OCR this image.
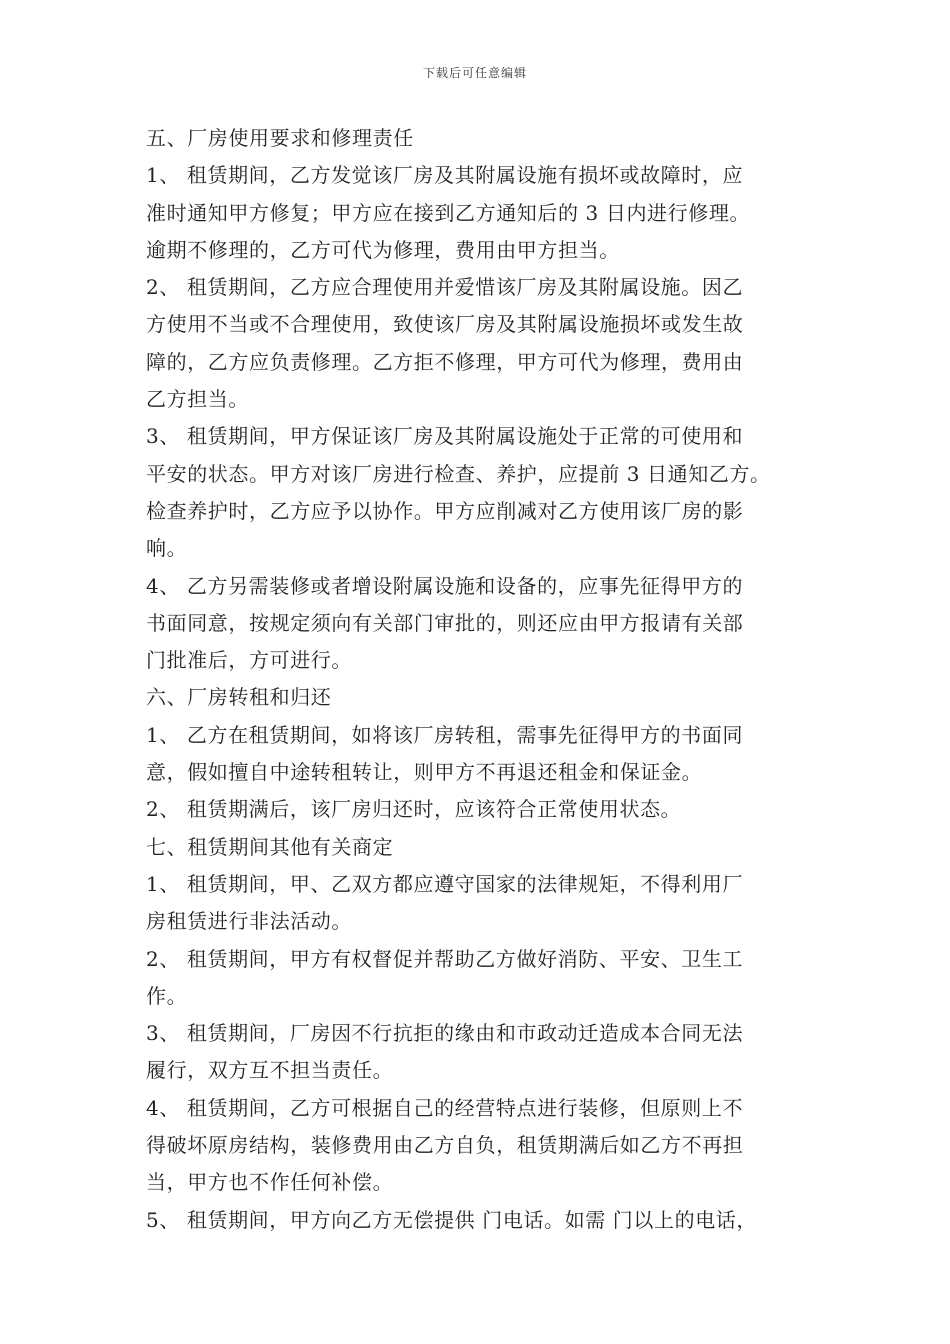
下载后可任意编辑
五、厂房使用要求和修理责任
1、 租赁期间，乙方发觉该厂房及其附属设施有损坏或故障时，应
准时通知甲方修复；甲方应在接到乙方通知后的 3 日内进行修理。
逾期不修理的，乙方可代为修理，费用由甲方担当。
2、 租赁期间，乙方应合理使用并爱惜该厂房及其附属设施。因乙
方使用不当或不合理使用，致使该厂房及其附属设施损坏或发生故
障的，乙方应负责修理。乙方拒不修理，甲方可代为修理，费用由
乙方担当。
3、 租赁期间，甲方保证该厂房及其附属设施处于正常的可使用和
平安的状态。甲方对该厂房进行检查、养护，应提前 3 日通知乙方。
检查养护时，乙方应予以协作。甲方应削减对乙方使用该厂房的影
响。
4、 乙方另需装修或者增设附属设施和设备的，应事先征得甲方的
书面同意，按规定须向有关部门审批的，则还应由甲方报请有关部
门批准后，方可进行。
六、厂房转租和归还
1、 乙方在租赁期间，如将该厂房转租，需事先征得甲方的书面同
意，假如擅自中途转租转让，则甲方不再退还租金和保证金。
2、 租赁期满后，该厂房归还时，应该符合正常使用状态。
七、租赁期间其他有关商定
1、 租赁期间，甲、乙双方都应遵守国家的法律规矩，不得利用厂
房租赁进行非法活动。
2、 租赁期间，甲方有权督促并帮助乙方做好消防、平安、卫生工
作。
3、 租赁期间，厂房因不行抗拒的缘由和市政动迁造成本合同无法
履行，双方互不担当责任。
4、 租赁期间，乙方可根据自己的经营特点进行装修，但原则上不
得破坏原房结构，装修费用由乙方自负，租赁期满后如乙方不再担
当，甲方也不作任何补偿。
5、 租赁期间，甲方向乙方无偿提供 门电话。如需 门以上的电话，
